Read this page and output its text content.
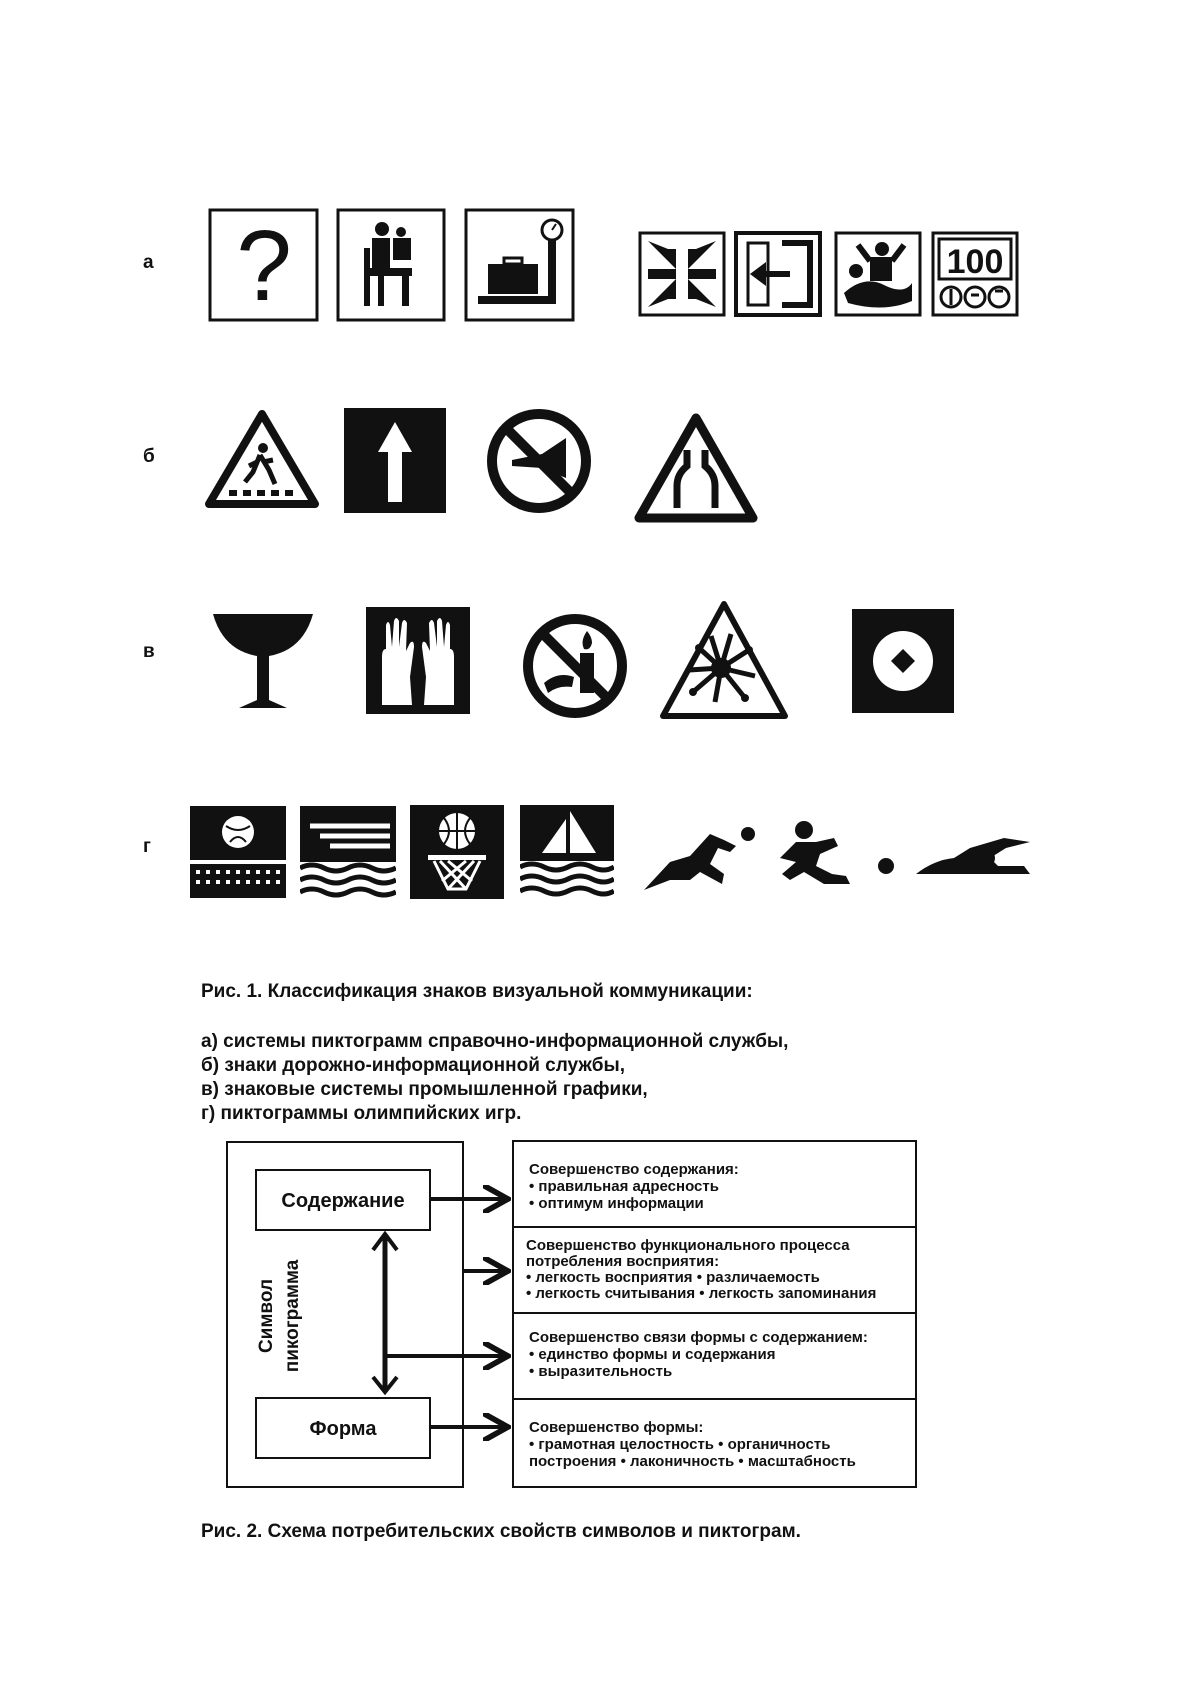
а
б
в
г
?	100
Рис. 1. Классификация знаков визуальной коммуникации:
а) системы пиктограмм справочно-информационной службы,
б) знаки дорожно-информационной службы,
в) знаковые системы промышленной графики,
г) пиктограммы олимпийских игр.
Символ пикограмма
Содержание
Форма
Совершенство содержания:
• правильная адресность
• оптимум информации
Совершенство функционального процесса
потребления восприятия:
• легкость восприятия • различаемость
• легкость считывания • легкость запоминания
Совершенство связи формы с содержанием:
• единство формы и содержания
• выразительность
Совершенство формы:
• грамотная целостность • органичность
построения • лаконичность • масштабность
Рис. 2. Схема потребительских свойств символов и пиктограм.
